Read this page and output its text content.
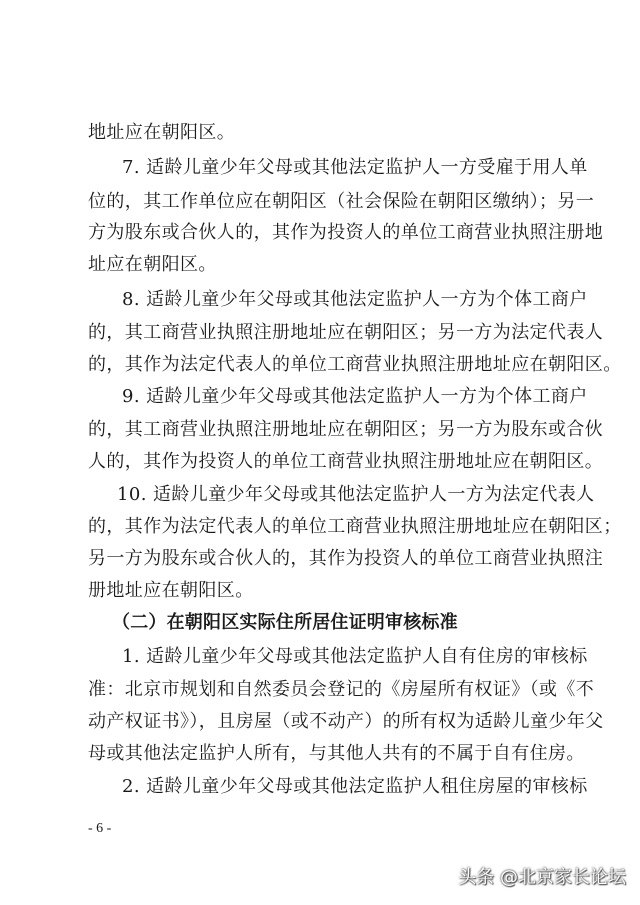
地址应在朝阳区。
7. 适龄儿童少年父母或其他法定监护人一方受雇于用人单
位的，其工作单位应在朝阳区（社会保险在朝阳区缴纳）；另一
方为股东或合伙人的，其作为投资人的单位工商营业执照注册地
址应在朝阳区。
8. 适龄儿童少年父母或其他法定监护人一方为个体工商户
的，其工商营业执照注册地址应在朝阳区；另一方为法定代表人
的，其作为法定代表人的单位工商营业执照注册地址应在朝阳区。
9. 适龄儿童少年父母或其他法定监护人一方为个体工商户
的，其工商营业执照注册地址应在朝阳区；另一方为股东或合伙
人的，其作为投资人的单位工商营业执照注册地址应在朝阳区。
10. 适龄儿童少年父母或其他法定监护人一方为法定代表人
的，其作为法定代表人的单位工商营业执照注册地址应在朝阳区；
另一方为股东或合伙人的，其作为投资人的单位工商营业执照注
册地址应在朝阳区。
（二）在朝阳区实际住所居住证明审核标准
1. 适龄儿童少年父母或其他法定监护人自有住房的审核标
准：北京市规划和自然委员会登记的《房屋所有权证》（或《不
动产权证书》），且房屋（或不动产）的所有权为适龄儿童少年父
母或其他法定监护人所有，与其他人共有的不属于自有住房。
2. 适龄儿童少年父母或其他法定监护人租住房屋的审核标
- 6 -
头条 @北京家长论坛
